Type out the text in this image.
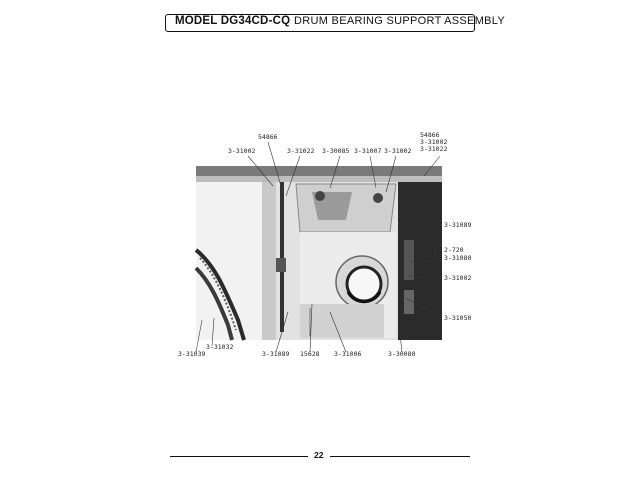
MODEL DG34CD-CQ DRUM BEARING SUPPORT ASSEMBLY
54866
3-31002	3-31022 3-30085 3-31007 3-31002
54866
3-31002
3-31022
3-31089
2-720
3-31080
3-31002
3-31050
3-31032
3-31039	3-31089 15628 3-31006	3-30080
22
